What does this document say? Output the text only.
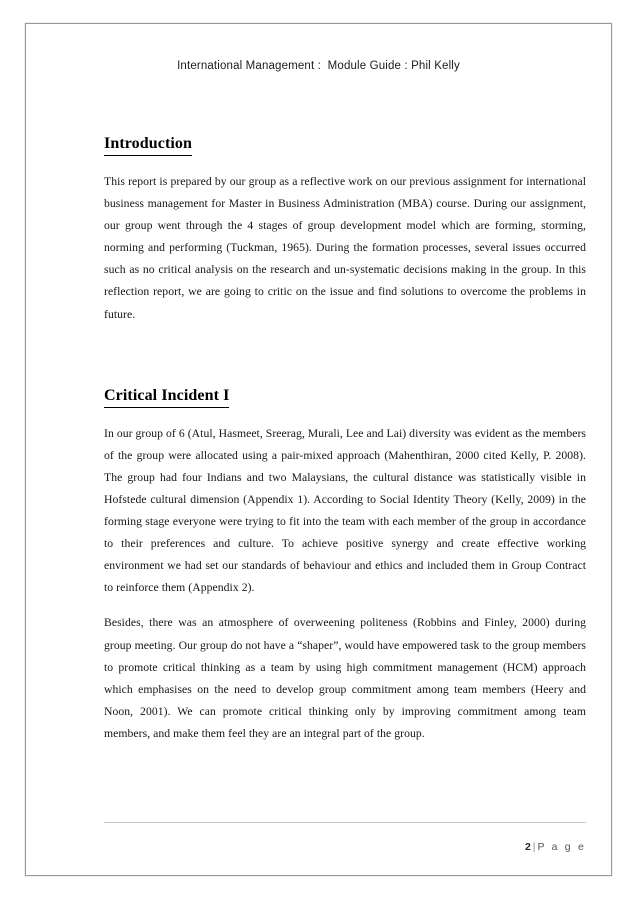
International Management :  Module Guide : Phil Kelly
Introduction

This report is prepared by our group as a reflective work on our previous assignment for international business management for Master in Business Administration (MBA) course. During our assignment, our group went through the 4 stages of group development model which are forming, storming, norming and performing (Tuckman, 1965). During the formation processes, several issues occurred such as no critical analysis on the research and un-systematic decisions making in the group. In this reflection report, we are going to critic on the issue and find solutions to overcome the problems in future.

Critical Incident I

In our group of 6 (Atul, Hasmeet, Sreerag, Murali, Lee and Lai) diversity was evident as the members of the group were allocated using a pair-mixed approach (Mahenthiran, 2000 cited Kelly, P. 2008). The group had four Indians and two Malaysians, the cultural distance was statistically visible in Hofstede cultural dimension (Appendix 1). According to Social Identity Theory (Kelly, 2009) in the forming stage everyone were trying to fit into the team with each member of the group in accordance to their preferences and culture. To achieve positive synergy and create effective working environment we had set our standards of behaviour and ethics and included them in Group Contract to reinforce them (Appendix 2).

Besides, there was an atmosphere of overweening politeness (Robbins and Finley, 2000) during group meeting. Our group do not have a “shaper”, would have empowered task to the group members to promote critical thinking as a team by using high commitment management (HCM) approach which emphasises on the need to develop group commitment among team members (Heery and Noon, 2001). We can promote critical thinking only by improving commitment among team members, and make them feel they are an integral part of the group.

2 | P a g e
